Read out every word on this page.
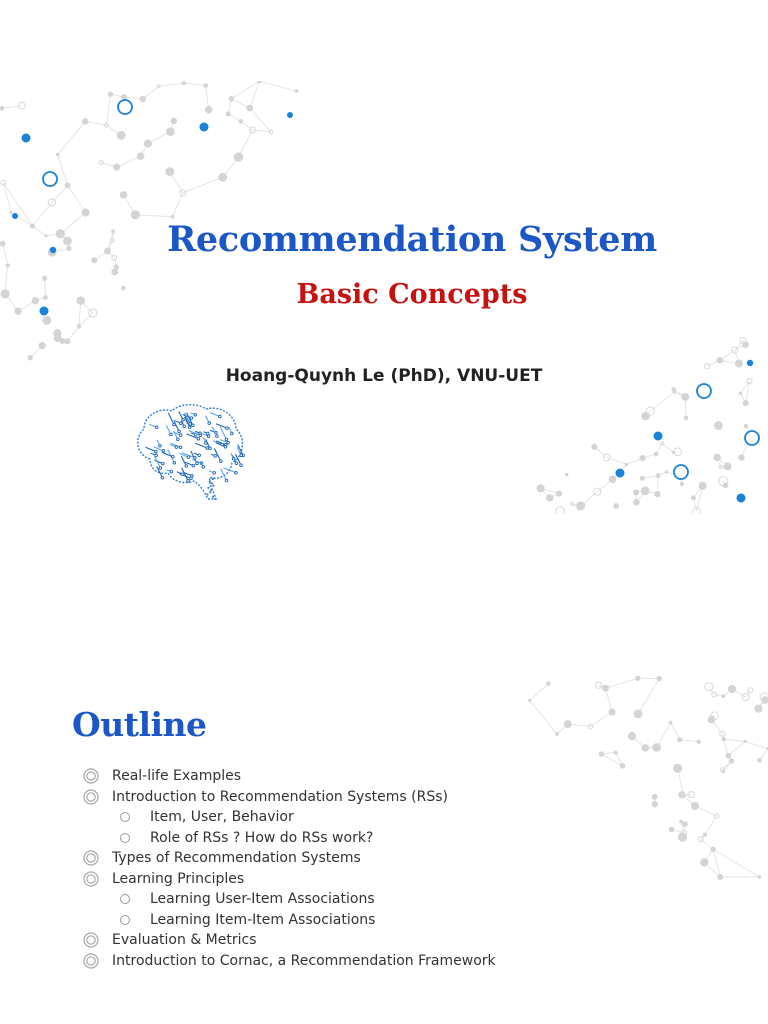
Recommendation System
Basic Concepts
Hoang-Quynh Le (PhD), VNU-UET
Outline
Real-life Examples
Introduction to Recommendation Systems (RSs)
Item, User, Behavior
Role of RSs ? How do RSs work?
Types of Recommendation Systems
Learning Principles
Learning User-Item Associations
Learning Item-Item Associations
Evaluation & Metrics
Introduction to Cornac, a Recommendation Framework
